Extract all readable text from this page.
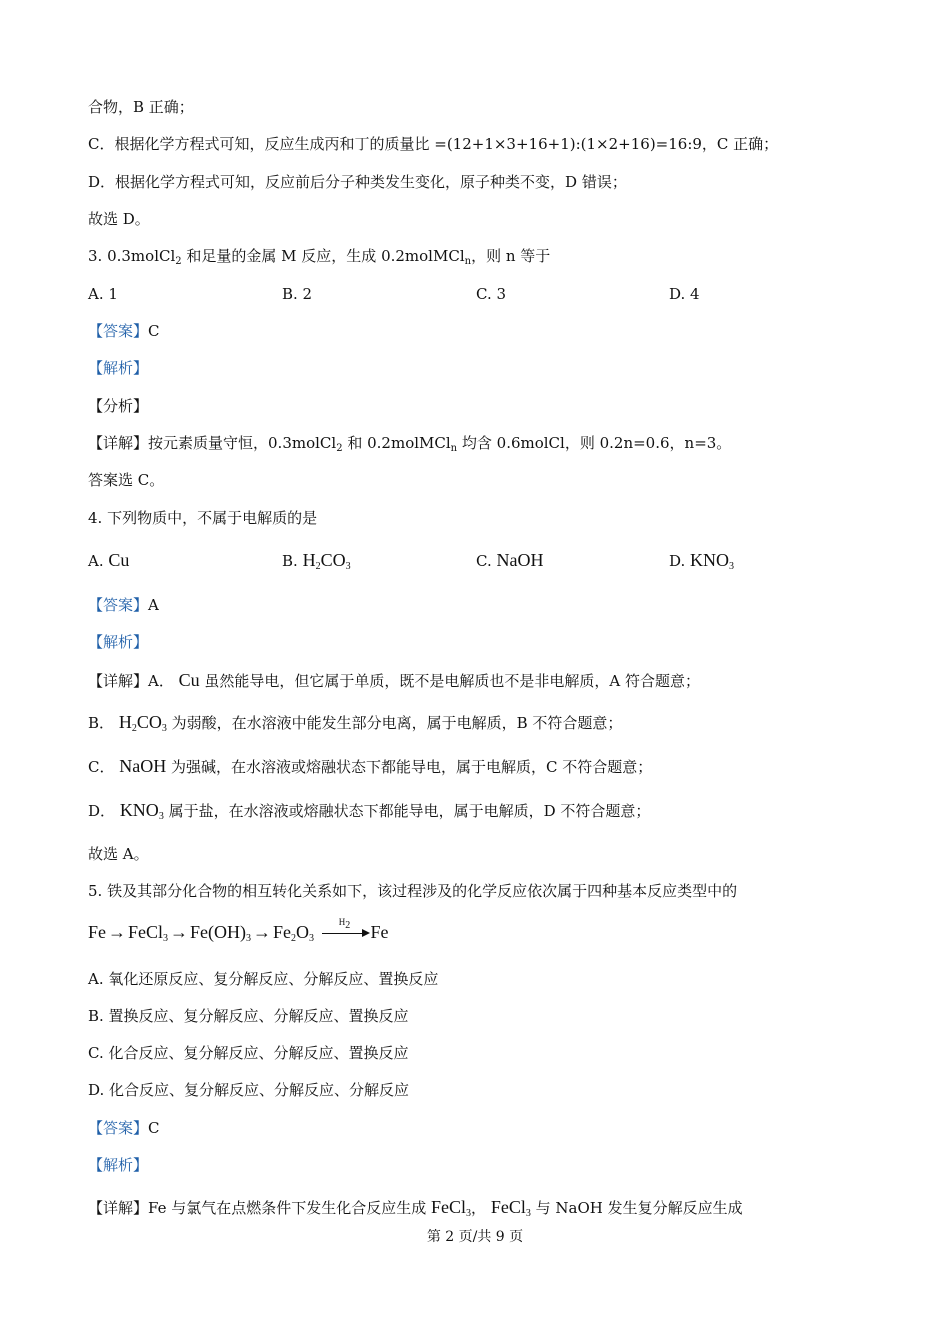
合物，B 正确；
C．根据化学方程式可知，反应生成丙和丁的质量比 =(12+1×3+16+1):(1×2+16)=16:9，C 正确；
D．根据化学方程式可知，反应前后分子种类发生变化，原子种类不变，D 错误；
故选 D。
3. 0.3molCl$_2$ 和足量的金属 M 反应，生成 0.2molMCl$_n$，则 n 等于
A. 1	B. 2	C. 3	D. 4
【答案】C
【解析】
【分析】
【详解】按元素质量守恒，0.3molCl$_2$ 和 0.2molMCl$_n$ 均含 0.6molCl，则 0.2n=0.6，n=3。
答案选 C。
4. 下列物质中，不属于电解质的是
A. Cu	B. $H_2CO_3$	C. NaOH	D. $KNO_3$
【答案】A
【解析】
【详解】A． Cu 虽然能导电，但它属于单质，既不是电解质也不是非电解质，A 符合题意；
B． $H_2CO_3$ 为弱酸，在水溶液中能发生部分电离，属于电解质，B 不符合题意；
C． NaOH 为强碱，在水溶液或熔融状态下都能导电，属于电解质，C 不符合题意；
D． $KNO_3$ 属于盐，在水溶液或熔融状态下都能导电，属于电解质，D 不符合题意；
故选 A。
5. 铁及其部分化合物的相互转化关系如下，该过程涉及的化学反应依次属于四种基本反应类型中的
Fe → FeCl$_3$ → $Fe(OH)_3 \to Fe_2O_3$
$H_2$	Fe
A. 氧化还原反应、复分解反应、分解反应、置换反应
B. 置换反应、复分解反应、分解反应、置换反应
C. 化合反应、复分解反应、分解反应、置换反应
D. 化合反应、复分解反应、分解反应、分解反应
【答案】C
【解析】
【详解】Fe 与氯气在点燃条件下发生化合反应生成 FeCl$_3$， FeCl$_3$ 与 NaOH 发生复分解反应生成
第 2 页/共 9 页
